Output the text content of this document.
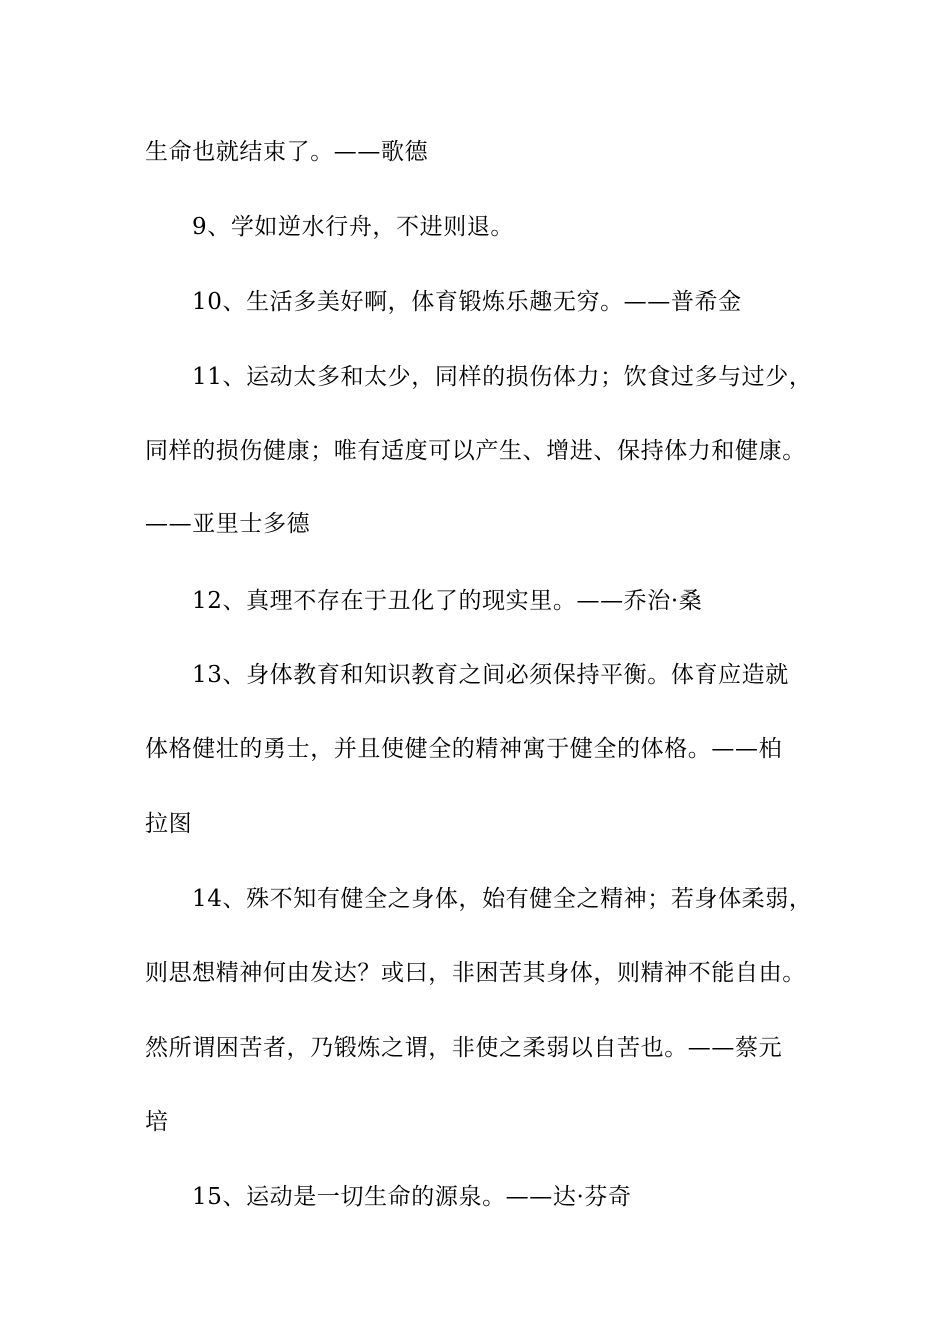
生命也就结束了。——歌德
9、学如逆水行舟，不进则退。
10、生活多美好啊，体育锻炼乐趣无穷。——普希金
11、运动太多和太少，同样的损伤体力；饮食过多与过少，
同样的损伤健康；唯有适度可以产生、增进、保持体力和健康。
——亚里士多德
12、真理不存在于丑化了的现实里。——乔治·桑
13、身体教育和知识教育之间必须保持平衡。体育应造就
体格健壮的勇士，并且使健全的精神寓于健全的体格。——柏
拉图
14、殊不知有健全之身体，始有健全之精神；若身体柔弱，
则思想精神何由发达？或曰，非困苦其身体，则精神不能自由。
然所谓困苦者，乃锻炼之谓，非使之柔弱以自苦也。——蔡元
培
15、运动是一切生命的源泉。——达·芬奇
